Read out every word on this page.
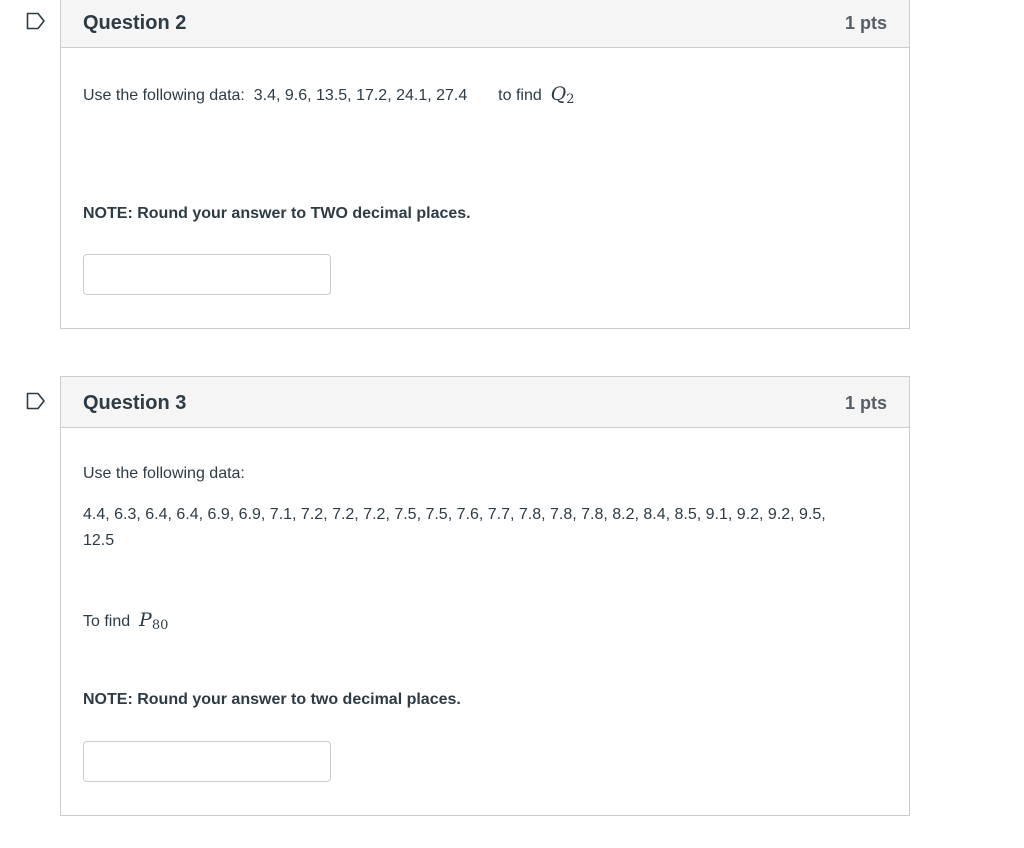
Question 2	1 pts

Use the following data: 3.4, 9.6, 13.5, 17.2, 24.1, 27.4 to find $Q_2$

NOTE: Round your answer to TWO decimal places.

Question 3	1 pts

Use the following data:

4.4, 6.3, 6.4, 6.4, 6.9, 6.9, 7.1, 7.2, 7.2, 7.2, 7.5, 7.5, 7.6, 7.7, 7.8, 7.8, 7.8, 8.2, 8.4, 8.5, 9.1, 9.2, 9.2, 9.5,
12.5

To find $P_{80}$

NOTE: Round your answer to two decimal places.
